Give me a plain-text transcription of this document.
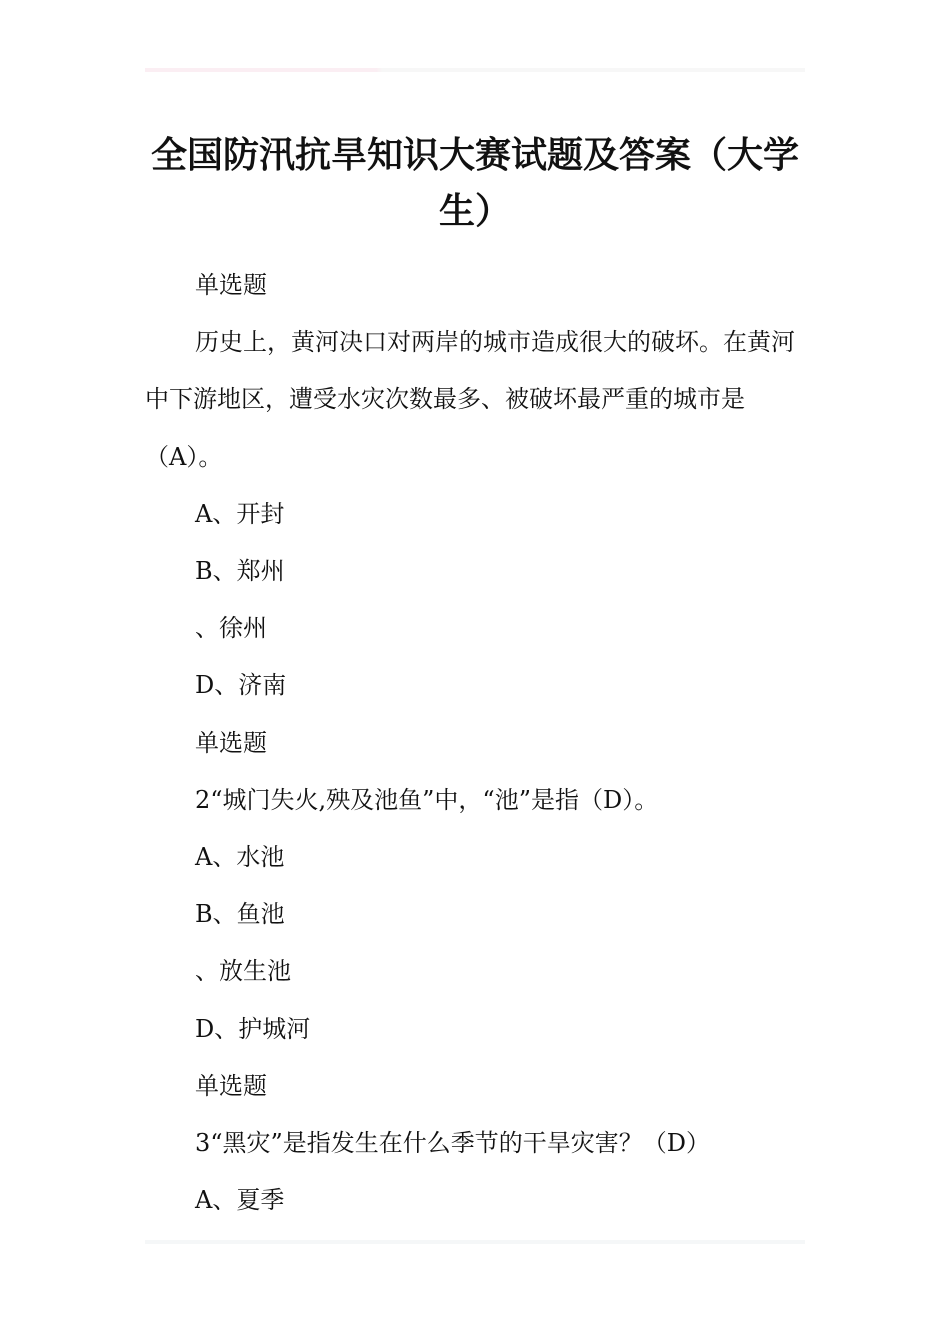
全国防汛抗旱知识大赛试题及答案（大学生）

单选题

历史上，黄河决口对两岸的城市造成很大的破坏。在黄河中下游地区，遭受水灾次数最多、被破坏最严重的城市是（A）。

A、开封

B、郑州

、徐州

D、济南

单选题

2“城门失火,殃及池鱼”中，“池”是指（D）。

A、水池

B、鱼池

、放生池

D、护城河

单选题

3“黑灾”是指发生在什么季节的干旱灾害？（D）

A、夏季
